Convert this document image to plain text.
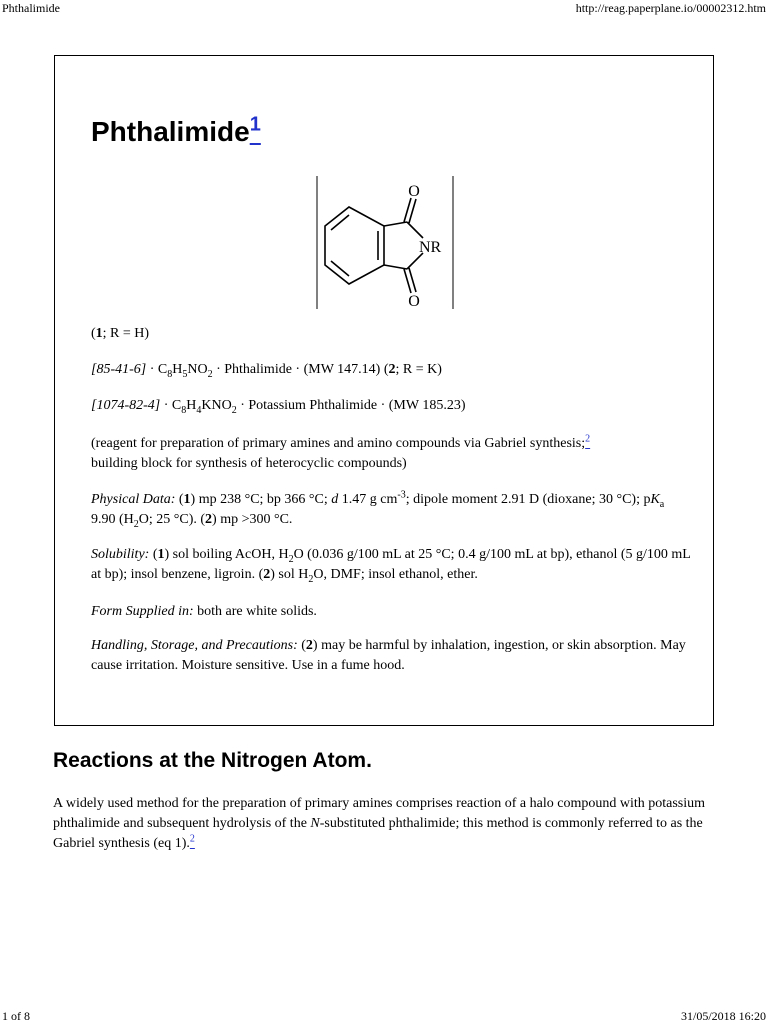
Phthalimide	http://reag.paperplane.io/00002312.htm
Phthalimide$^1$
O
O
NR

(1; R = H)

$[85-41-6] \cdot C_8H_5NO_2$ · Phthalimide · (MW 147.14) (2; R = K)

$[1074-82-4] \cdot C_8H_4KNO_2$ · Potassium Phthalimide · (MW 185.23)

(reagent for preparation of primary amines and amino compounds via Gabriel synthesis;$^2$
building block for synthesis of heterocyclic compounds)

Physical Data: (1) mp 238 °C; bp 366 °C; d 1.47 g $cm^{-3}$; dipole moment 2.91 D (dioxane; 30 °C); $pK_a$ 9.90 ($H_2O$; 25 °C). (2) mp >300 °C.

Solubility: (1) sol boiling AcOH, $H_2O$ (0.036 g/100 mL at 25 °C; 0.4 g/100 mL at bp), ethanol (5 g/100 mL at bp); insol benzene, ligroin. (2) sol $H_2O$, DMF; insol ethanol, ether.

Form Supplied in: both are white solids.

Handling, Storage, and Precautions: (2) may be harmful by inhalation, ingestion, or skin absorption. May cause irritation. Moisture sensitive. Use in a fume hood.

Reactions at the Nitrogen Atom.

A widely used method for the preparation of primary amines comprises reaction of a halo compound with potassium phthalimide and subsequent hydrolysis of the N-substituted phthalimide; this method is commonly referred to as the Gabriel synthesis (eq 1).$^2$

1 of 8	31/05/2018 16:20
